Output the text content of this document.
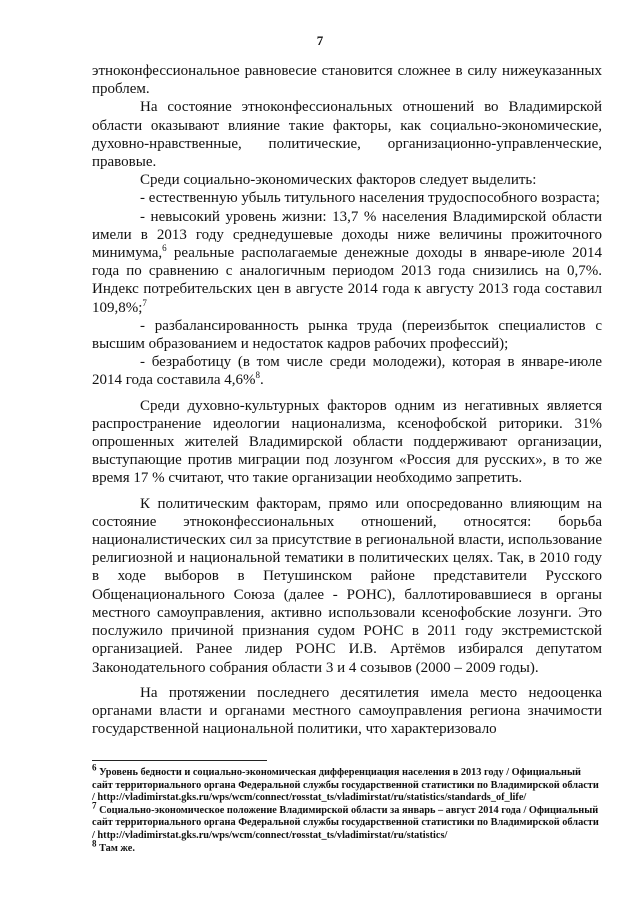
7

этноконфессиональное равновесие становится сложнее в силу нижеуказанных проблем.

На состояние этноконфессиональных отношений во Владимирской области оказывают влияние такие факторы, как социально-экономические, духовно-нравственные, политические, организационно-управленческие, правовые.

Среди социально-экономических факторов следует выделить:

- естественную убыль титульного населения трудоспособного возраста;

- невысокий уровень жизни: 13,7 % населения Владимирской области имели в 2013 году среднедушевые доходы ниже величины прожиточного минимума,$^6$ реальные располагаемые денежные доходы в январе-июле 2014 года по сравнению с аналогичным периодом 2013 года снизились на 0,7%. Индекс потребительских цен в августе 2014 года к августу 2013 года составил 109,8%;$^7$

- разбалансированность рынка труда (переизбыток специалистов с высшим образованием и недостаток кадров рабочих профессий);

- безработицу (в том числе среди молодежи), которая в январе-июле 2014 года составила 4,6%$^8$.

Среди духовно-культурных факторов одним из негативных является распространение идеологии национализма, ксенофобской риторики. 31% опрошенных жителей Владимирской области поддерживают организации, выступающие против миграции под лозунгом «Россия для русских», в то же время 17 % считают, что такие организации необходимо запретить.

К политическим факторам, прямо или опосредованно влияющим на состояние этноконфессиональных отношений, относятся: борьба националистических сил за присутствие в региональной власти, использование религиозной и национальной тематики в политических целях. Так, в 2010 году в ходе выборов в Петушинском районе представители Русского Общенационального Союза (далее - РОНС), баллотировавшиеся в органы местного самоуправления, активно использовали ксенофобские лозунги. Это послужило причиной признания судом РОНС в 2011 году экстремистской организацией. Ранее лидер РОНС И.В. Артёмов избирался депутатом Законодательного собрания области 3 и 4 созывов (2000 – 2009 годы).

На протяжении последнего десятилетия имела место недооценка органами власти и органами местного самоуправления региона значимости государственной национальной политики, что характеризовало

$^6$ Уровень бедности и социально-экономическая дифференциация населения в 2013 году / Официальный сайт территориального органа Федеральной службы государственной статистики по Владимирской области / http://vladimirstat.gks.ru/wps/wcm/connect/rosstat_ts/vladimirstat/ru/statistics/standards_of_life/

$^7$ Социально-экономическое положение Владимирской области за январь – август 2014 года / Официальный сайт территориального органа Федеральной службы государственной статистики по Владимирской области / http://vladimirstat.gks.ru/wps/wcm/connect/rosstat_ts/vladimirstat/ru/statistics/

$^8$ Там же.
